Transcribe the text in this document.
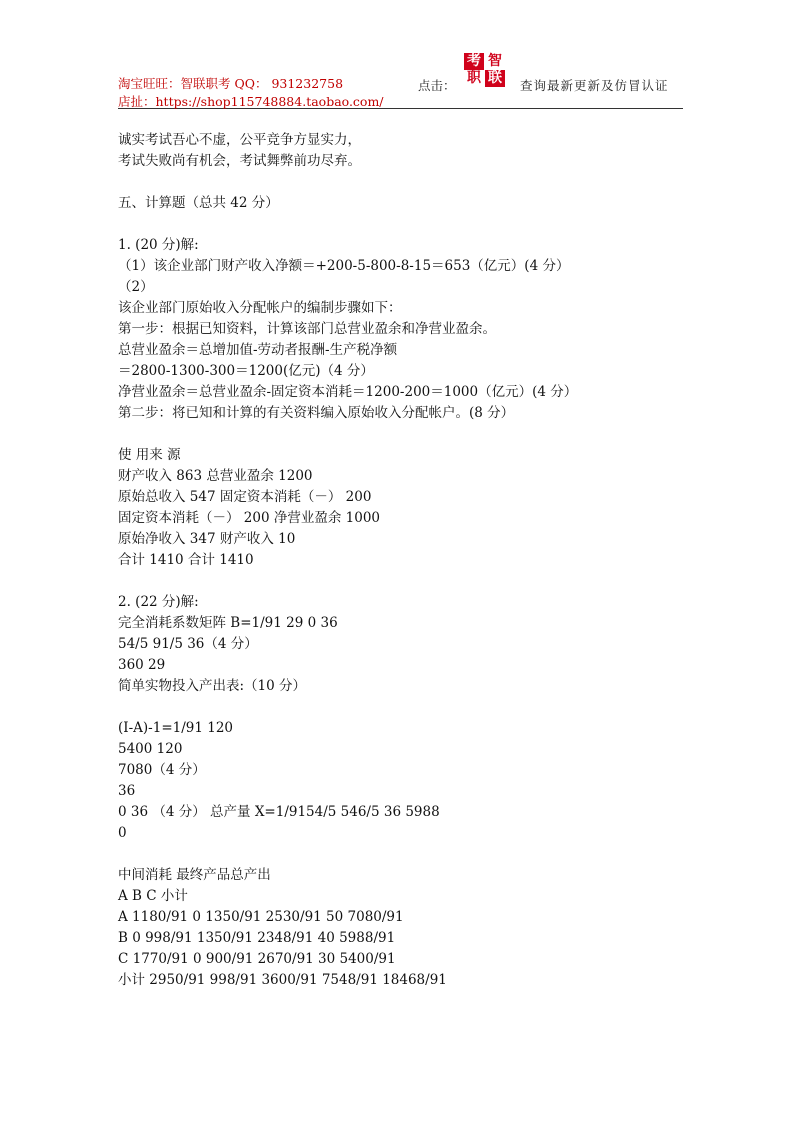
淘宝旺旺：智联职考 QQ： 931232758
店扯：https://shop115748884.taobao.com/
点击：
考 智
职 联 查询最新更新及仿冒认证
诚实考试吾心不虚，公平竞争方显实力，
考试失败尚有机会，考试舞弊前功尽弃。
五、计算题（总共 42 分）
1. (20 分)解:
（1）该企业部门财产收入净额＝+200-5-800-8-15＝653（亿元）(4 分）
（2）
该企业部门原始收入分配帐户的编制步骤如下：
第一步：根据已知资料，计算该部门总营业盈余和净营业盈余。
总营业盈余＝总增加值-劳动者报酬-生产税净额
＝2800-1300-300＝1200(亿元)（4 分）
净营业盈余＝总营业盈余-固定资本消耗＝1200-200＝1000（亿元）(4 分）
第二步：将已知和计算的有关资料编入原始收入分配帐户。(8 分）
使 用来 源
财产收入 863 总营业盈余 1200
原始总收入 547 固定资本消耗（－） 200
固定资本消耗（－） 200 净营业盈余 1000
原始净收入 347 财产收入 10
合计 1410 合计 1410
2. (22 分)解:
完全消耗系数矩阵 B=1/91 29 0 36
54/5 91/5 36（4 分）
360 29
简单实物投入产出表:（10 分）
(I-A)-1=1/91 120
5400 120
7080（4 分）
36
0 36 （4 分） 总产量 X=1/9154/5 546/5 36 5988
0
中间消耗 最终产品总产出
A B C 小计
A 1180/91 0 1350/91 2530/91 50 7080/91
B 0 998/91 1350/91 2348/91 40 5988/91
C 1770/91 0 900/91 2670/91 30 5400/91
小计 2950/91 998/91 3600/91 7548/91 18468/91
